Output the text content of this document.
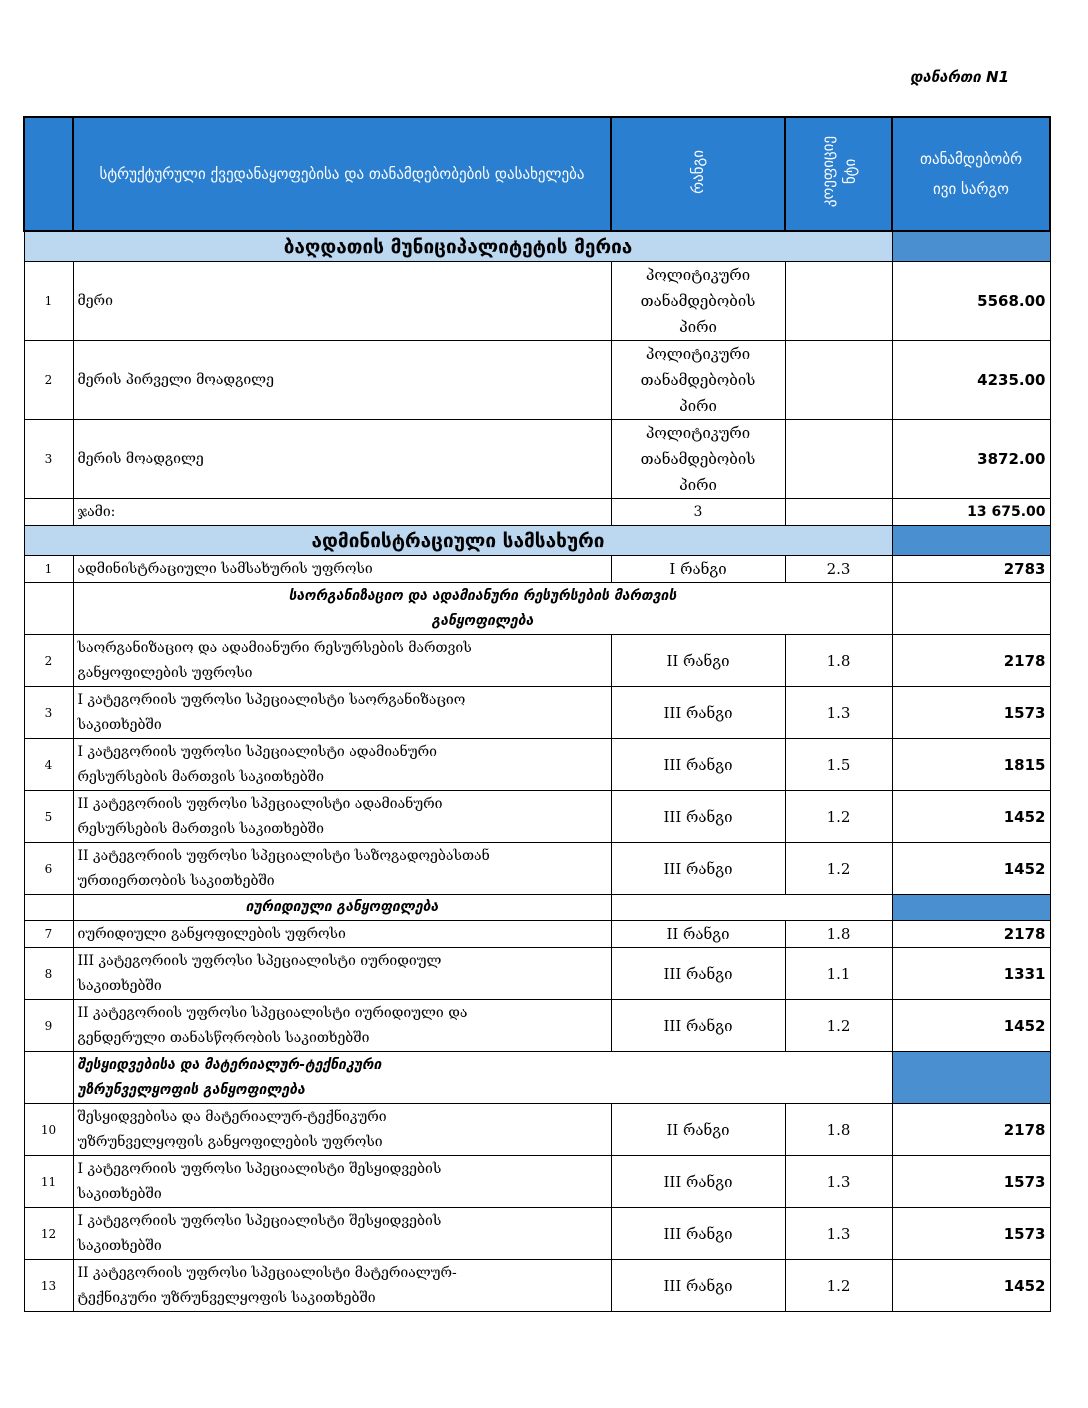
დანართი N1
	სტრუქტურული ქვედანაყოფებისა და თანამდებობების დასახელება	რანგი	კოეფიციე ნტი	თანამდებობრ
ივი სარგო
ბაღდათის მუნიციპალიტეტის მერია				
1	მერი	პოლიტიკური
თანამდებობის
პირი		5568.00
2	მერის პირველი მოადგილე	პოლიტიკური
თანამდებობის
პირი		4235.00
3	მერის მოადგილე	პოლიტიკური
თანამდებობის
პირი		3872.00
	ჯამი:	3		13 675.00
ადმინისტრაციული სამსახური				
1	ადმინისტრაციული სამსახურის უფროსი	I რანგი	2.3	2783
	საორგანიზაციო და ადამიანური რესურსების მართვის
განყოფილება			
2	საორგანიზაციო და ადამიანური რესურსების მართვის
განყოფილების უფროსი	II რანგი	1.8	2178
3	I კატეგორიის უფროსი სპეციალისტი საორგანიზაციო
საკითხებში	III რანგი	1.3	1573
4	I კატეგორიის უფროსი სპეციალისტი ადამიანური
რესურსების მართვის საკითხებში	III რანგი	1.5	1815
5	II კატეგორიის უფროსი სპეციალისტი ადამიანური
რესურსების მართვის საკითხებში	III რანგი	1.2	1452
6	II კატეგორიის უფროსი სპეციალისტი საზოგადოებასთან
ურთიერთობის საკითხებში	III რანგი	1.2	1452
	იურიდიული განყოფილება			
7	იურიდიული განყოფილების უფროსი	II რანგი	1.8	2178
8	III კატეგორიის უფროსი სპეციალისტი იურიდიულ
საკითხებში	III რანგი	1.1	1331
9	II კატეგორიის უფროსი სპეციალისტი იურიდიული და
გენდერული თანასწორობის საკითხებში	III რანგი	1.2	1452
	შესყიდვებისა და მატერიალურ-ტექნიკური
უზრუნველყოფის განყოფილება			
10	შესყიდვებისა და მატერიალურ-ტექნიკური
უზრუნველყოფის განყოფილების უფროსი	II რანგი	1.8	2178
11	I კატეგორიის უფროსი სპეციალისტი შესყიდვების
საკითხებში	III რანგი	1.3	1573
12	I კატეგორიის უფროსი სპეციალისტი შესყიდვების
საკითხებში	III რანგი	1.3	1573
13	II კატეგორიის უფროსი სპეციალისტი მატერიალურ-
ტექნიკური უზრუნველყოფის საკითხებში	III რანგი	1.2	1452
